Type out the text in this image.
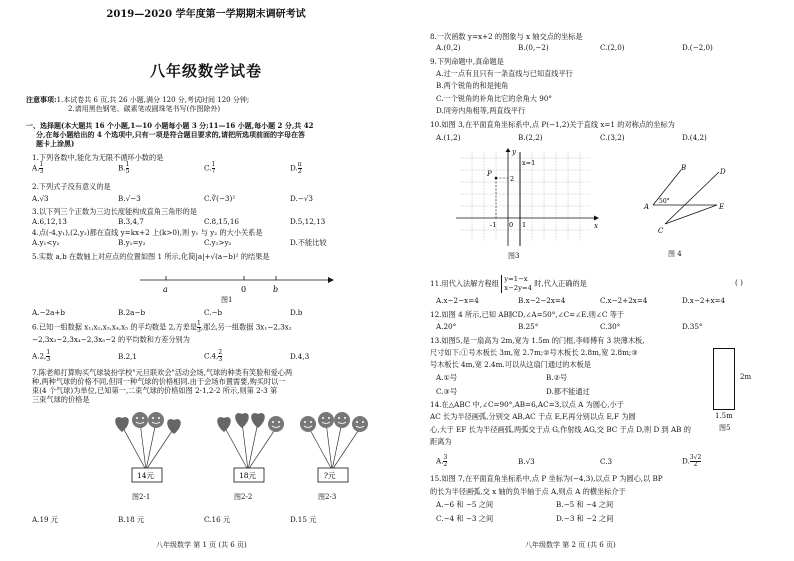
2019—2020 学年度第一学期期末调研考试
八年级数学试卷
注意事项:1.本试卷共 6 页,共 26 小题,满分 120 分,考试时间 120 分钟;
2.请用黑色钢笔、碳素笔或圆珠笔书写(作图除外)
一、选择题(本大题共 16 个小题,1—10 小题每小题 3 分;11—16 小题,每小题 2 分,共 42
分,在每小题给出的 4 个选项中,只有一项是符合题目要求的,请把所选项前面的字母在答
题卡上涂黑)
1.下列各数中,能化为无限不循环小数的是
A. $\frac{1}{3}$	B. $\frac{1}{5}$	C. $\frac{1}{7}$	D. $\frac{\pi}{2}$
2.下列式子没有意义的是
A.√3	B.√−3	C.∛(−3)²	D.−√3
3.以下列三个正数为三边长度能构成直角三角形的是
A.6,12,13	B.3,4,7	C.8,15,16	D.5,12,13
4.点(-4,y₁),(2,y₂)都在直线 y=kx+2 上(k>0),则 y₁ 与 y₂ 的大小关系是
A.y₁<y₂	B.y₁=y₂	C.y₁>y₂	D.不能比较
5.实数 a,b 在数轴上对应点的位置如图 1 所示,化简|a|+√(a−b)² 的结果是
a	0	b
图1
A.−2a+b	B.2a−b	C.−b	D.b
6.已知一组数据 x₁,x₂,x₃,x₄,x₅ 的平均数是 2,方差是 $\frac{1}{3}$ ,那么另一组数据 3x₁−2,3x₂
−2,3x₃−2,3x₄−2,3x₅−2 的平均数和方差分别为
A.2, $\frac{1}{3}$	B.2,1	C.4, $\frac{2}{3}$	D.4,3
7.陈老师打算购买气球装扮学校"元旦联欢会"活动会场,气球的种类有笑脸和爱心两
种,两种气球的价格不同,但同一种气球的价格相同.由于会场布置需要,购买时以一
束(4 个气球)为单位,已知第一,二束气球的价格如图 2-1,2-2 所示,则第 2-3 第
三束气球的价格是
14元	18元	?元
图2-1	图2-2	图2-3
A.19 元	B.18 元	C.16 元	D.15 元
八年级数学 第 1 页 (共 6 页)
8.一次函数 y=x+2 的图象与 x 轴交点的坐标是
A.(0,2)	B.(0,−2)	C.(2,0)	D.(−2,0)
9.下列命题中,真命题是
A.过一点有且只有一条直线与已知直线平行
B.两个锐角的和是钝角
C.一个锐角的补角比它的余角大 90°
D.同旁内角相等,两直线平行
10.如图 3,在平面直角坐标系中,点 P(−1,2)关于直线 x=1 的对称点的坐标为
A.(1,2)	B.(2,2)	C.(3,2)	D.(4,2)
y
x
x=1
P
2
-1 0 1
图3
A
B
C
D
E
50°
图 4
11.用代入法解方程组 y=1−x
x−2y=4 时,代入正确的是	( )
A.x−2−x=4	B.x−2−2x=4	C.x−2+2x=4	D.x−2+x=4
12.如图 4 所示,已知 AB∥CD,∠A=50°,∠C=∠E.则∠C 等于
A.20°	B.25°	C.30°	D.35°
13.如图5,是一扇高为 2m,宽为 1.5m 的门框,李师傅有 3 块薄木板,
尺寸如下:①号木板长 3m,宽 2.7m;②号木板长 2.8m,宽 2.8m;③
号木板长 4m,宽 2.4m.可以从这扇门通过的木板是
A.①号	B.②号
C.③号	D.都不能通过
2m
1.5m
图5
14.在△ABC 中,∠C=90°,AB=6,AC=3,以点 A 为圆心,小于
AC 长为半径画弧,分别交 AB,AC 于点 E,F,再分别以点 E,F 为圆
心,大于 EF 长为半径画弧,两弧交于点 G,作射线 AG,交 BC 于点 D,则 D 到 AB 的
距离为
A. $\frac{3}{2}$	B.√3	C.3	D. $\frac{3√2}{2}$
15.如图 7,在平面直角坐标系中,点 P 坐标为(−4,3),以点 P 为圆心,以 BP
的长为半径画弧,交 x 轴的负半轴于点 A,则点 A 的横坐标介于
A.−6 和 −5 之间	B.−5 和 −4 之间
C.−4 和 −3 之间	D.−3 和 −2 之间
八年级数学 第 2 页 (共 6 页)
